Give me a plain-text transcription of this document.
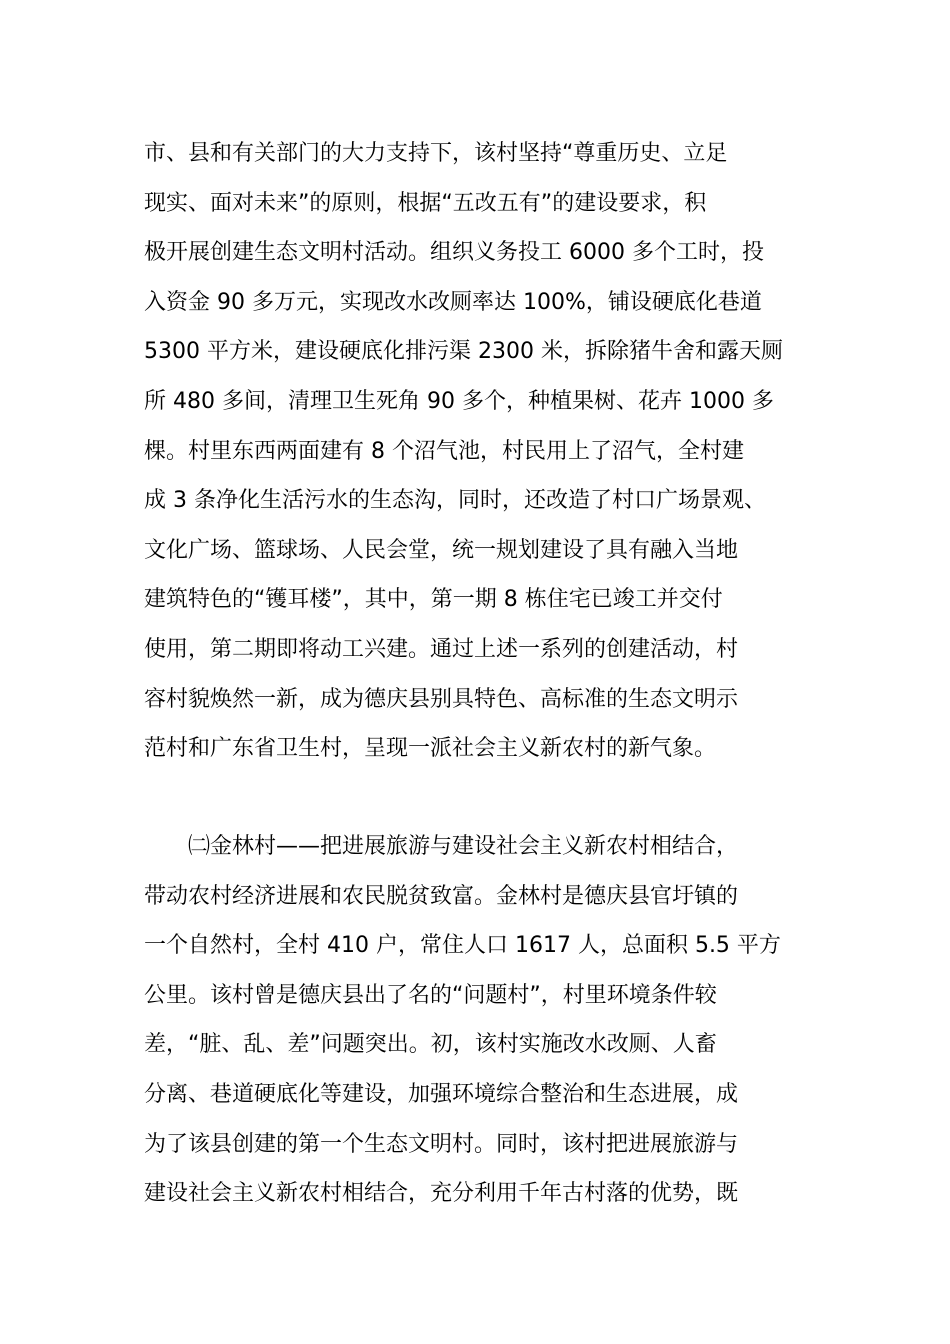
市、县和有关部门的大力支持下，该村坚持“尊重历史、立足
现实、面对未来”的原则，根据“五改五有”的建设要求，积
极开展创建生态文明村活动。组织义务投工 6000 多个工时，投
入资金 90 多万元，实现改水改厕率达 100%，铺设硬底化巷道
5300 平方米，建设硬底化排污渠 2300 米，拆除猪牛舍和露天厕
所 480 多间，清理卫生死角 90 多个，种植果树、花卉 1000 多
棵。村里东西两面建有 8 个沼气池，村民用上了沼气，全村建
成 3 条净化生活污水的生态沟，同时，还改造了村口广场景观、
文化广场、篮球场、人民会堂，统一规划建设了具有融入当地
建筑特色的“镬耳楼”，其中，第一期 8 栋住宅已竣工并交付
使用，第二期即将动工兴建。通过上述一系列的创建活动，村
容村貌焕然一新，成为德庆县别具特色、高标准的生态文明示
范村和广东省卫生村，呈现一派社会主义新农村的新气象。
　　㈡金林村——把进展旅游与建设社会主义新农村相结合，
带动农村经济进展和农民脱贫致富。金林村是德庆县官圩镇的
一个自然村，全村 410 户，常住人口 1617 人，总面积 5.5 平方
公里。该村曾是德庆县出了名的“问题村”，村里环境条件较
差，“脏、乱、差”问题突出。初，该村实施改水改厕、人畜
分离、巷道硬底化等建设，加强环境综合整治和生态进展，成
为了该县创建的第一个生态文明村。同时，该村把进展旅游与
建设社会主义新农村相结合，充分利用千年古村落的优势，既
